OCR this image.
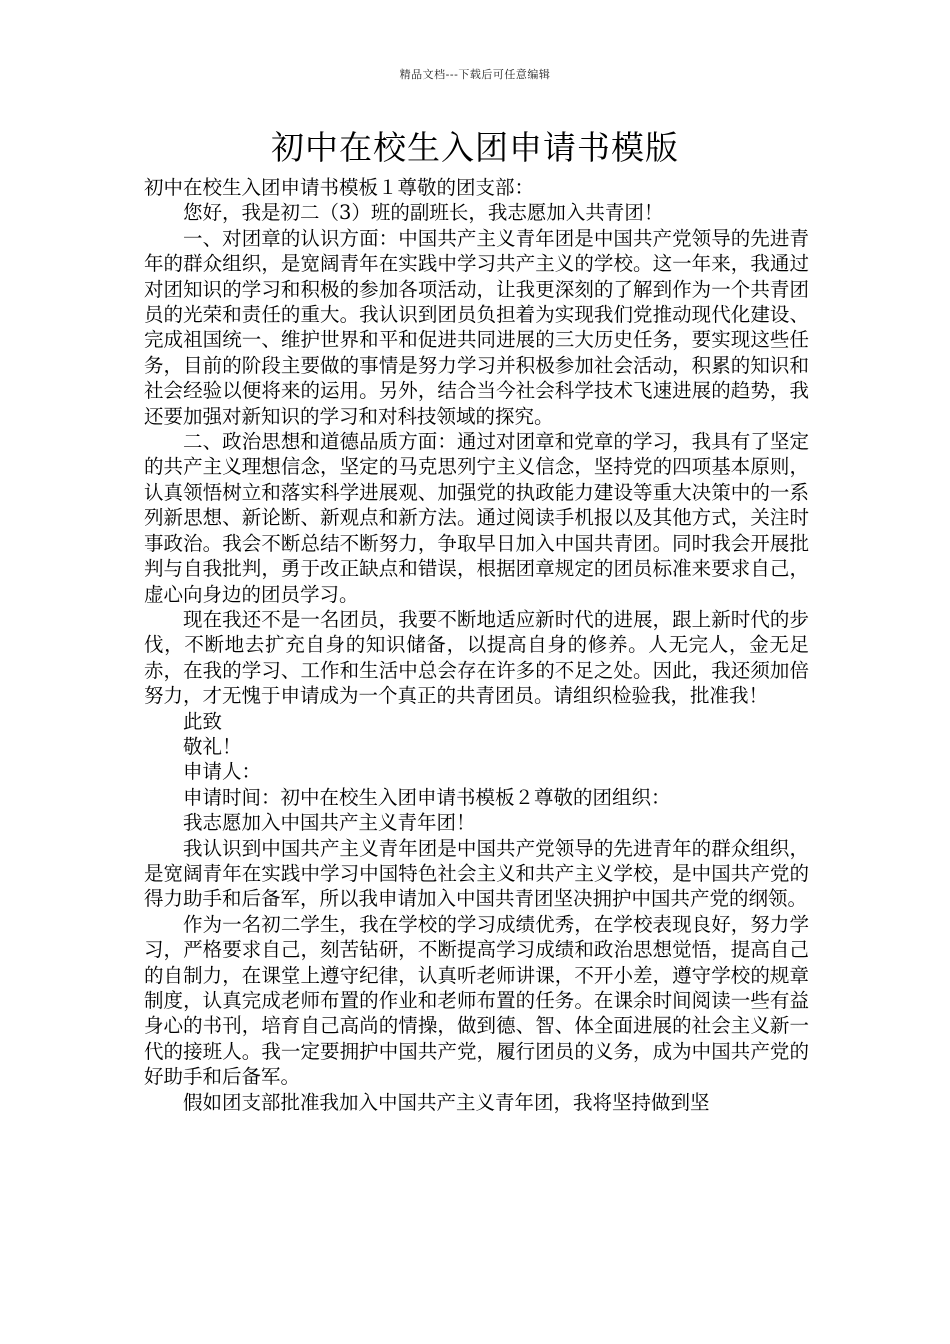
精品文档---下载后可任意编辑
初中在校生入团申请书模版

初中在校生入团申请书模板１尊敬的团支部：

您好，我是初二（3）班的副班长，我志愿加入共青团！

一、对团章的认识方面：中国共产主义青年团是中国共产党领导的先进青年的群众组织，是宽阔青年在实践中学习共产主义的学校。这一年来，我通过对团知识的学习和积极的参加各项活动，让我更深刻的了解到作为一个共青团员的光荣和责任的重大。我认识到团员负担着为实现我们党推动现代化建设、完成祖国统一、维护世界和平和促进共同进展的三大历史任务，要实现这些任务，目前的阶段主要做的事情是努力学习并积极参加社会活动，积累的知识和社会经验以便将来的运用。另外，结合当今社会科学技术飞速进展的趋势，我还要加强对新知识的学习和对科技领域的探究。

二、政治思想和道德品质方面：通过对团章和党章的学习，我具有了坚定的共产主义理想信念，坚定的马克思列宁主义信念，坚持党的四项基本原则，认真领悟树立和落实科学进展观、加强党的执政能力建设等重大决策中的一系列新思想、新论断、新观点和新方法。通过阅读手机报以及其他方式，关注时事政治。我会不断总结不断努力，争取早日加入中国共青团。同时我会开展批判与自我批判，勇于改正缺点和错误，根据团章规定的团员标准来要求自己，虚心向身边的团员学习。

现在我还不是一名团员，我要不断地适应新时代的进展，跟上新时代的步伐，不断地去扩充自身的知识储备，以提高自身的修养。人无完人，金无足赤，在我的学习、工作和生活中总会存在许多的不足之处。因此，我还须加倍努力，才无愧于申请成为一个真正的共青团员。请组织检验我，批准我！

此致

敬礼！

申请人：

申请时间：初中在校生入团申请书模板２尊敬的团组织：

我志愿加入中国共产主义青年团！

我认识到中国共产主义青年团是中国共产党领导的先进青年的群众组织，是宽阔青年在实践中学习中国特色社会主义和共产主义学校，是中国共产党的得力助手和后备军，所以我申请加入中国共青团坚决拥护中国共产党的纲领。

作为一名初二学生，我在学校的学习成绩优秀，在学校表现良好，努力学习，严格要求自己，刻苦钻研，不断提高学习成绩和政治思想觉悟，提高自己的自制力，在课堂上遵守纪律，认真听老师讲课，不开小差，遵守学校的规章制度，认真完成老师布置的作业和老师布置的任务。在课余时间阅读一些有益身心的书刊，培育自己高尚的情操，做到德、智、体全面进展的社会主义新一代的接班人。我一定要拥护中国共产党，履行团员的义务，成为中国共产党的好助手和后备军。

假如团支部批准我加入中国共产主义青年团，我将坚持做到坚
